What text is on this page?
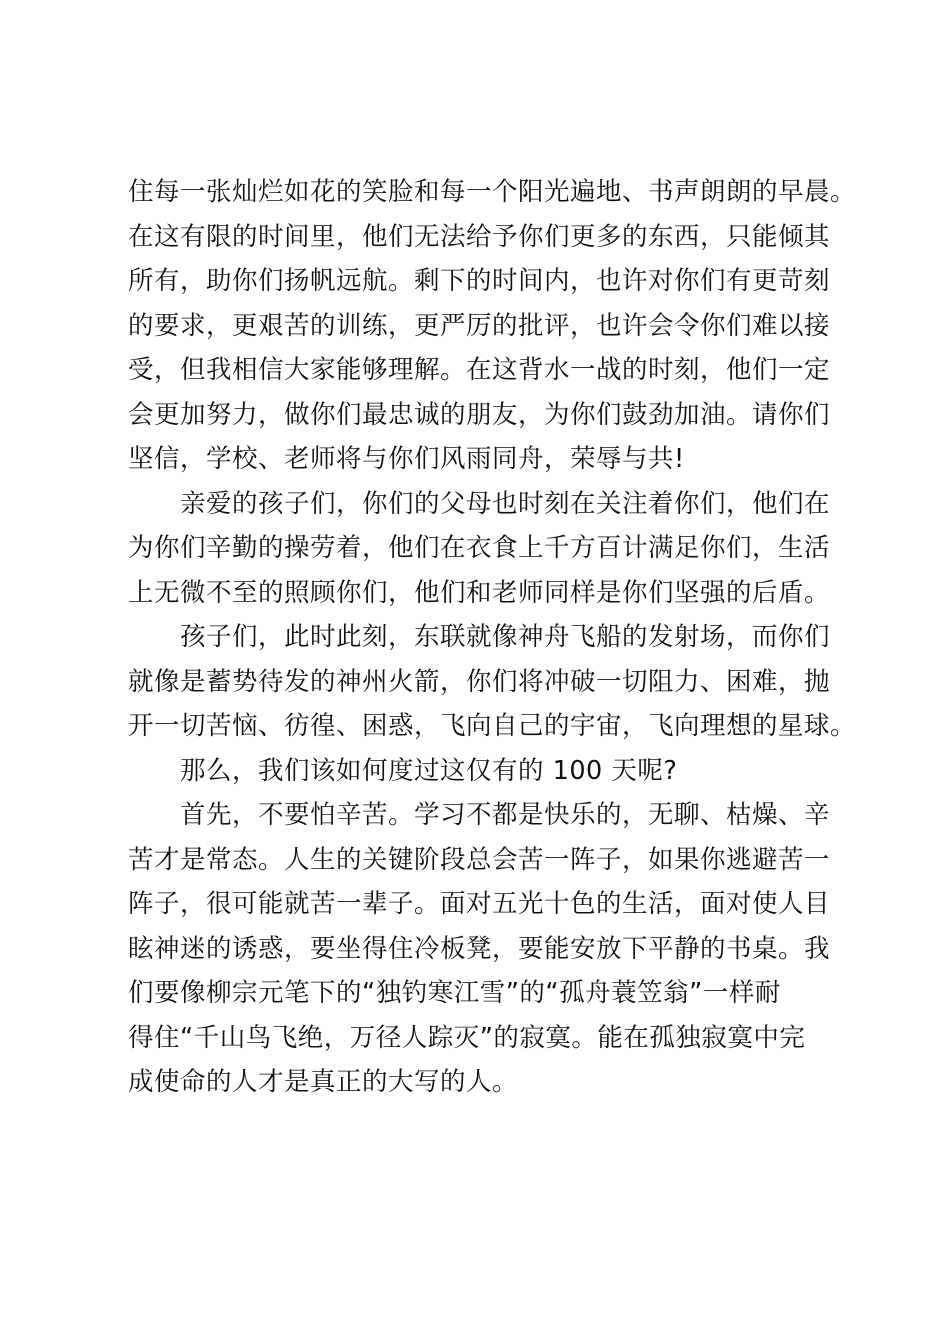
住每一张灿烂如花的笑脸和每一个阳光遍地、书声朗朗的早晨。
在这有限的时间里，他们无法给予你们更多的东西，只能倾其
所有，助你们扬帆远航。剩下的时间内，也许对你们有更苛刻
的要求，更艰苦的训练，更严厉的批评，也许会令你们难以接
受，但我相信大家能够理解。在这背水一战的时刻，他们一定
会更加努力，做你们最忠诚的朋友，为你们鼓劲加油。请你们
坚信，学校、老师将与你们风雨同舟，荣辱与共!
亲爱的孩子们，你们的父母也时刻在关注着你们，他们在
为你们辛勤的操劳着，他们在衣食上千方百计满足你们，生活
上无微不至的照顾你们，他们和老师同样是你们坚强的后盾。
孩子们，此时此刻，东联就像神舟飞船的发射场，而你们
就像是蓄势待发的神州火箭，你们将冲破一切阻力、困难，抛
开一切苦恼、彷徨、困惑，飞向自己的宇宙，飞向理想的星球。
那么，我们该如何度过这仅有的 100 天呢?
首先，不要怕辛苦。学习不都是快乐的，无聊、枯燥、辛
苦才是常态。人生的关键阶段总会苦一阵子，如果你逃避苦一
阵子，很可能就苦一辈子。面对五光十色的生活，面对使人目
眩神迷的诱惑，要坐得住冷板凳，要能安放下平静的书桌。我
们要像柳宗元笔下的“独钓寒江雪”的“孤舟蓑笠翁”一样耐
得住“千山鸟飞绝，万径人踪灭”的寂寞。能在孤独寂寞中完
成使命的人才是真正的大写的人。
